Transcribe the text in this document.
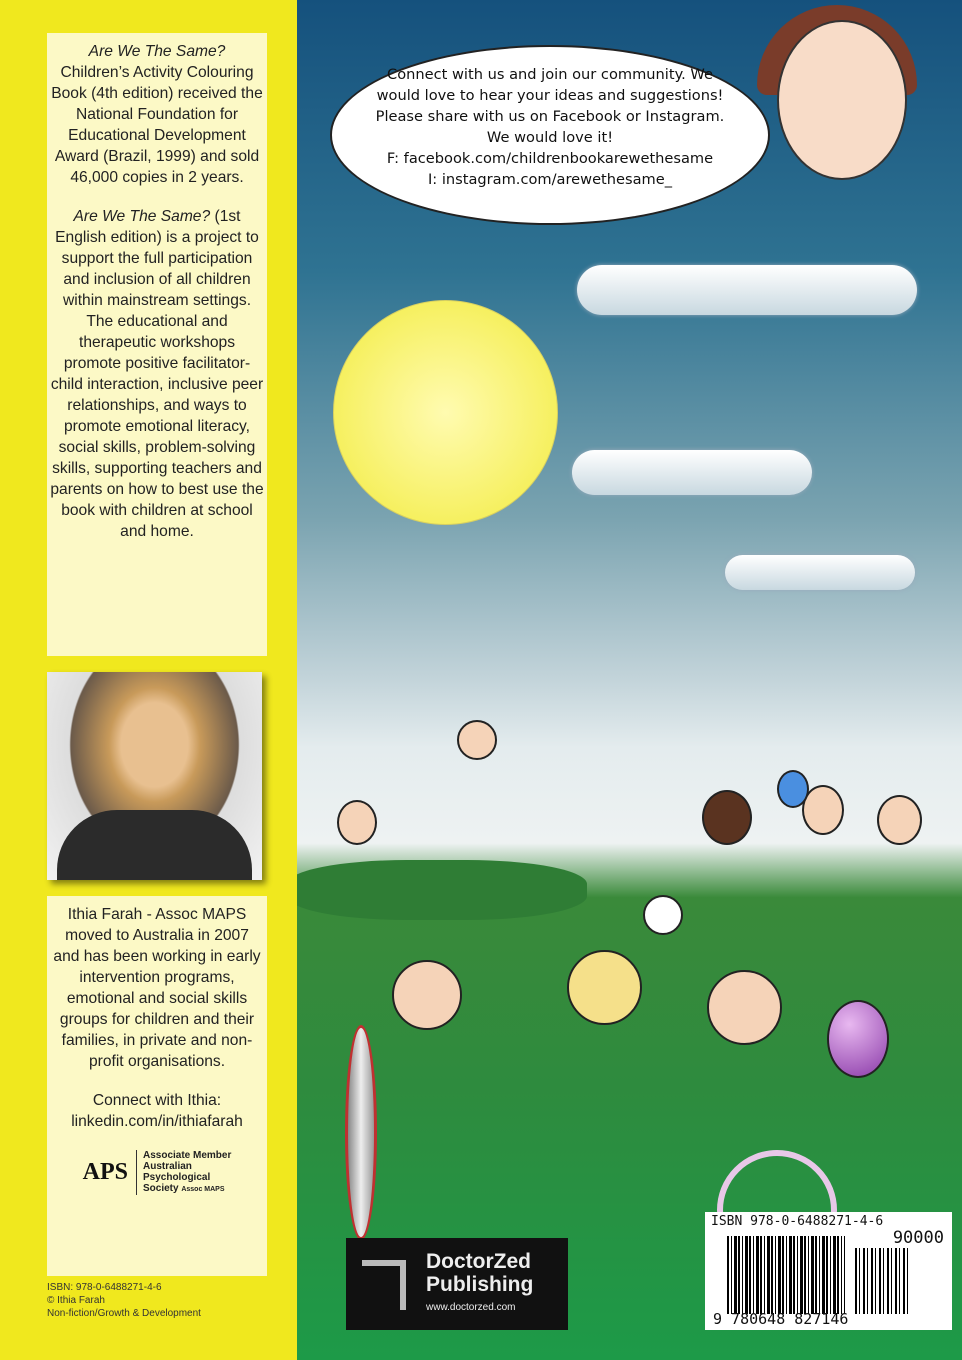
Are We The Same?
Children’s Activity Colouring Book (4th edition) received the National Foundation for Educational Development Award (Brazil, 1999) and sold 46,000 copies in 2 years.

Are We The Same? (1st English edition) is a project to support the full participation and inclusion of all children within mainstream settings. The educational and therapeutic workshops promote positive facilitator-child interaction, inclusive peer relationships, and ways to promote emotional literacy, social skills, problem-solving skills, supporting teachers and parents on how to best use the book with children at school and home.

Ithia Farah - Assoc MAPS moved to Australia in 2007 and has been working in early intervention programs, emotional and social skills groups for children and their families, in private and non-profit organisations.

Connect with Ithia:
linkedin.com/in/ithiafarah

APS
Associate Member
Australian
Psychological
Society Assoc MAPS
ISBN: 978-0-6488271-4-6
© Ithia Farah
Non-fiction/Growth & Development
Connect with us and join our community. We
would love to hear your ideas and suggestions!
Please share with us on Facebook or Instagram.
We would love it!
F: facebook.com/childrenbookarewethesame
I: instagram.com/arewethesame_
ISBN 978-0-6488271-4-6
90000
9 780648 827146
DoctorZed
Publishing
www.doctorzed.com
